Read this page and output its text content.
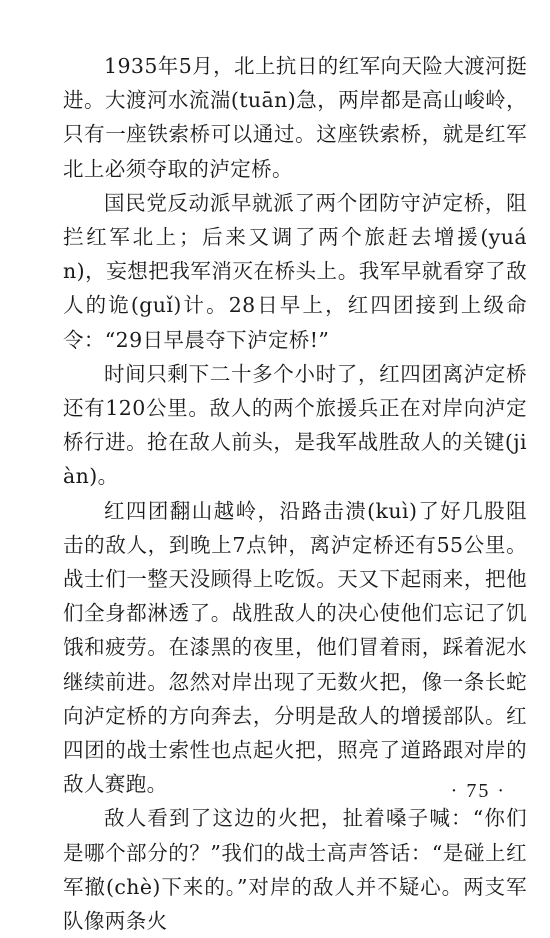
1935年5月，北上抗日的红军向天险大渡河挺进。大渡河水流湍(tuān)急，两岸都是高山峻岭，只有一座铁索桥可以通过。这座铁索桥，就是红军北上必须夺取的泸定桥。

国民党反动派早就派了两个团防守泸定桥，阻拦红军北上；后来又调了两个旅赶去增援(yuán)，妄想把我军消灭在桥头上。我军早就看穿了敌人的诡(guǐ)计。28日早上，红四团接到上级命令：“29日早晨夺下泸定桥!”

时间只剩下二十多个小时了，红四团离泸定桥还有120公里。敌人的两个旅援兵正在对岸向泸定桥行进。抢在敌人前头，是我军战胜敌人的关键(jiàn)。

红四团翻山越岭，沿路击溃(kuì)了好几股阻击的敌人，到晚上7点钟，离泸定桥还有55公里。战士们一整天没顾得上吃饭。天又下起雨来，把他们全身都淋透了。战胜敌人的决心使他们忘记了饥饿和疲劳。在漆黑的夜里，他们冒着雨，踩着泥水继续前进。忽然对岸出现了无数火把，像一条长蛇向泸定桥的方向奔去，分明是敌人的增援部队。红四团的战士索性也点起火把，照亮了道路跟对岸的敌人赛跑。

敌人看到了这边的火把，扯着嗓子喊：“你们是哪个部分的？”我们的战士高声答话：“是碰上红军撤(chè)下来的。”对岸的敌人并不疑心。两支军队像两条火

· 75 ·
